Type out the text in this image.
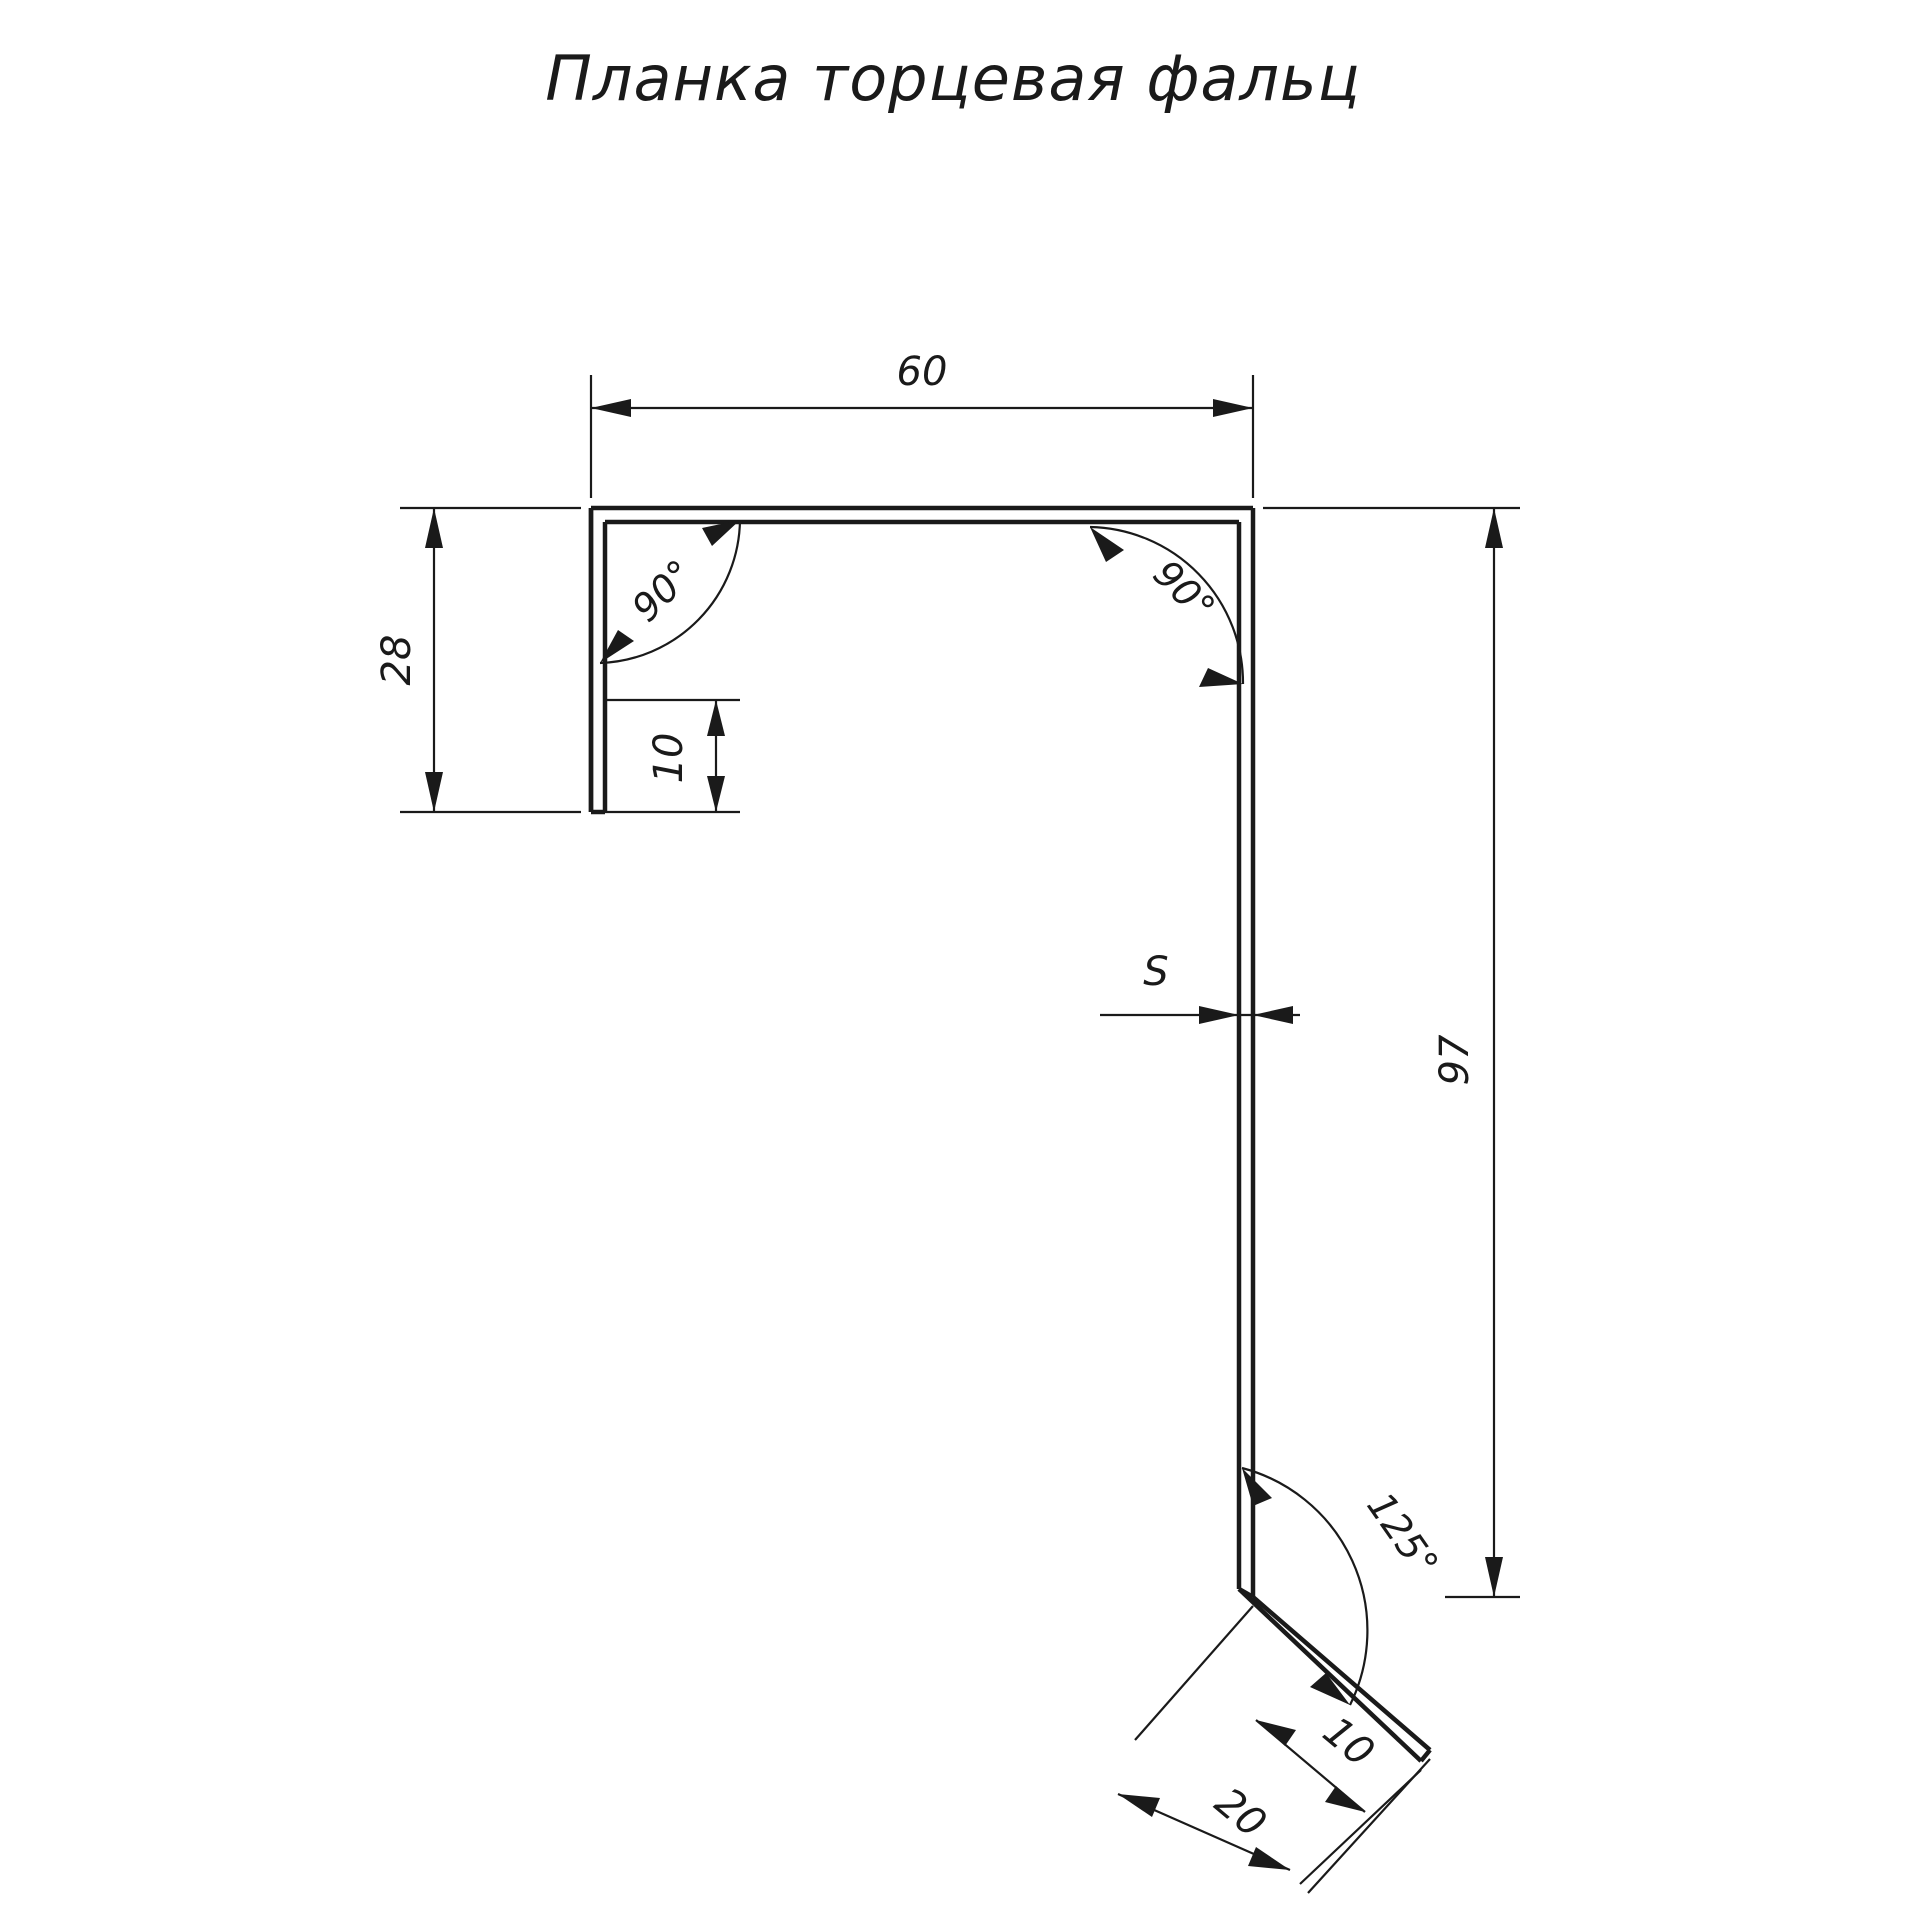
Планка торцевая фальц
60
28
10
97
S
20
10
90°	90°
125°
